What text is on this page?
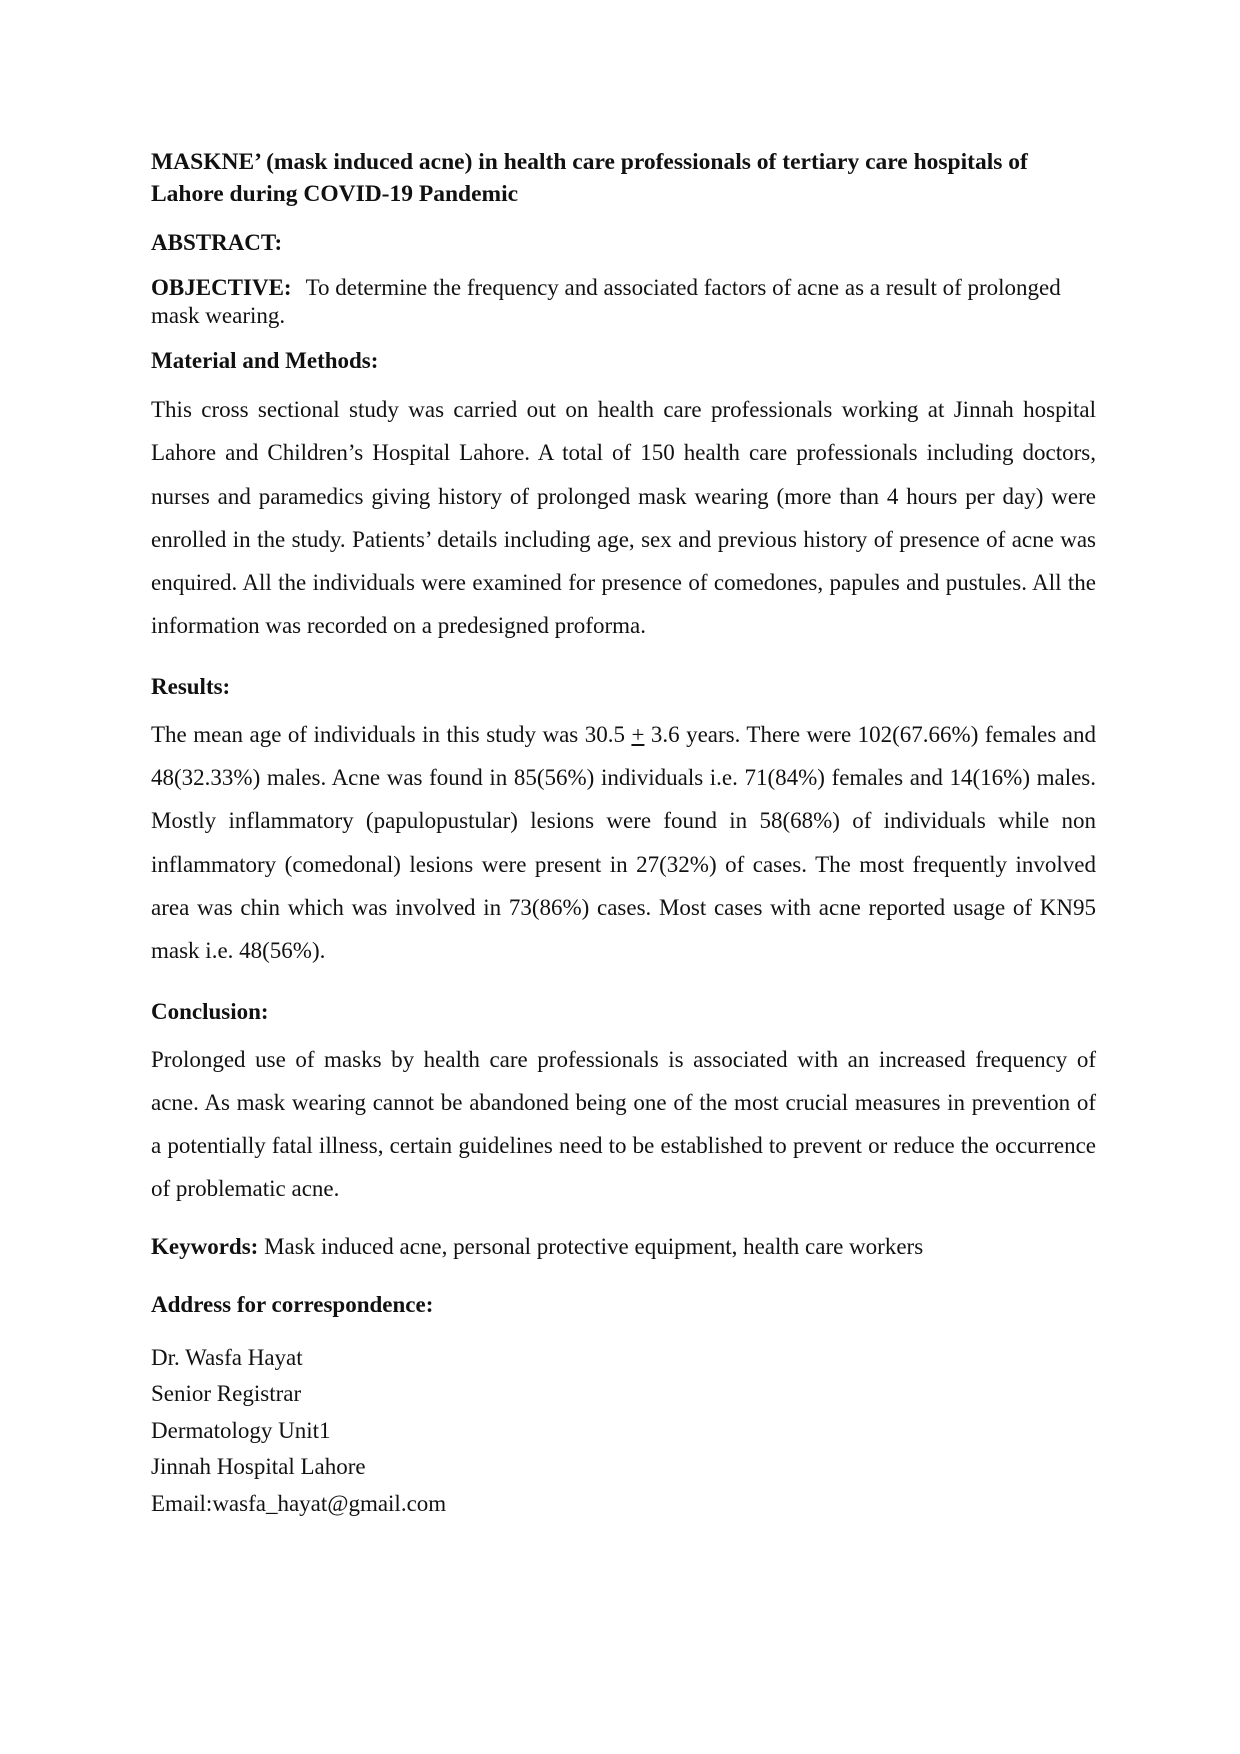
MASKNE’ (mask induced acne) in health care professionals of tertiary care hospitals of Lahore during COVID-19 Pandemic

ABSTRACT:

OBJECTIVE: To determine the frequency and associated factors of acne as a result of prolonged mask wearing.

Material and Methods:

This cross sectional study was carried out on health care professionals working at Jinnah hospital Lahore and Children’s Hospital Lahore. A total of 150 health care professionals including doctors, nurses and paramedics giving history of prolonged mask wearing (more than 4 hours per day) were enrolled in the study. Patients’ details including age, sex and previous history of presence of acne was enquired. All the individuals were examined for presence of comedones, papules and pustules. All the information was recorded on a predesigned proforma.

Results:

The mean age of individuals in this study was 30.5 + 3.6 years. There were 102(67.66%) females and 48(32.33%) males. Acne was found in 85(56%) individuals i.e. 71(84%) females and 14(16%) males. Mostly inflammatory (papulopustular) lesions were found in 58(68%) of individuals while non inflammatory (comedonal) lesions were present in 27(32%) of cases. The most frequently involved area was chin which was involved in 73(86%) cases. Most cases with acne reported usage of KN95 mask i.e. 48(56%).

Conclusion:

Prolonged use of masks by health care professionals is associated with an increased frequency of acne. As mask wearing cannot be abandoned being one of the most crucial measures in prevention of a potentially fatal illness, certain guidelines need to be established to prevent or reduce the occurrence of problematic acne.

Keywords: Mask induced acne, personal protective equipment, health care workers

Address for correspondence:

Dr. Wasfa Hayat
Senior Registrar
Dermatology Unit1
Jinnah Hospital Lahore
Email:wasfa_hayat@gmail.com
